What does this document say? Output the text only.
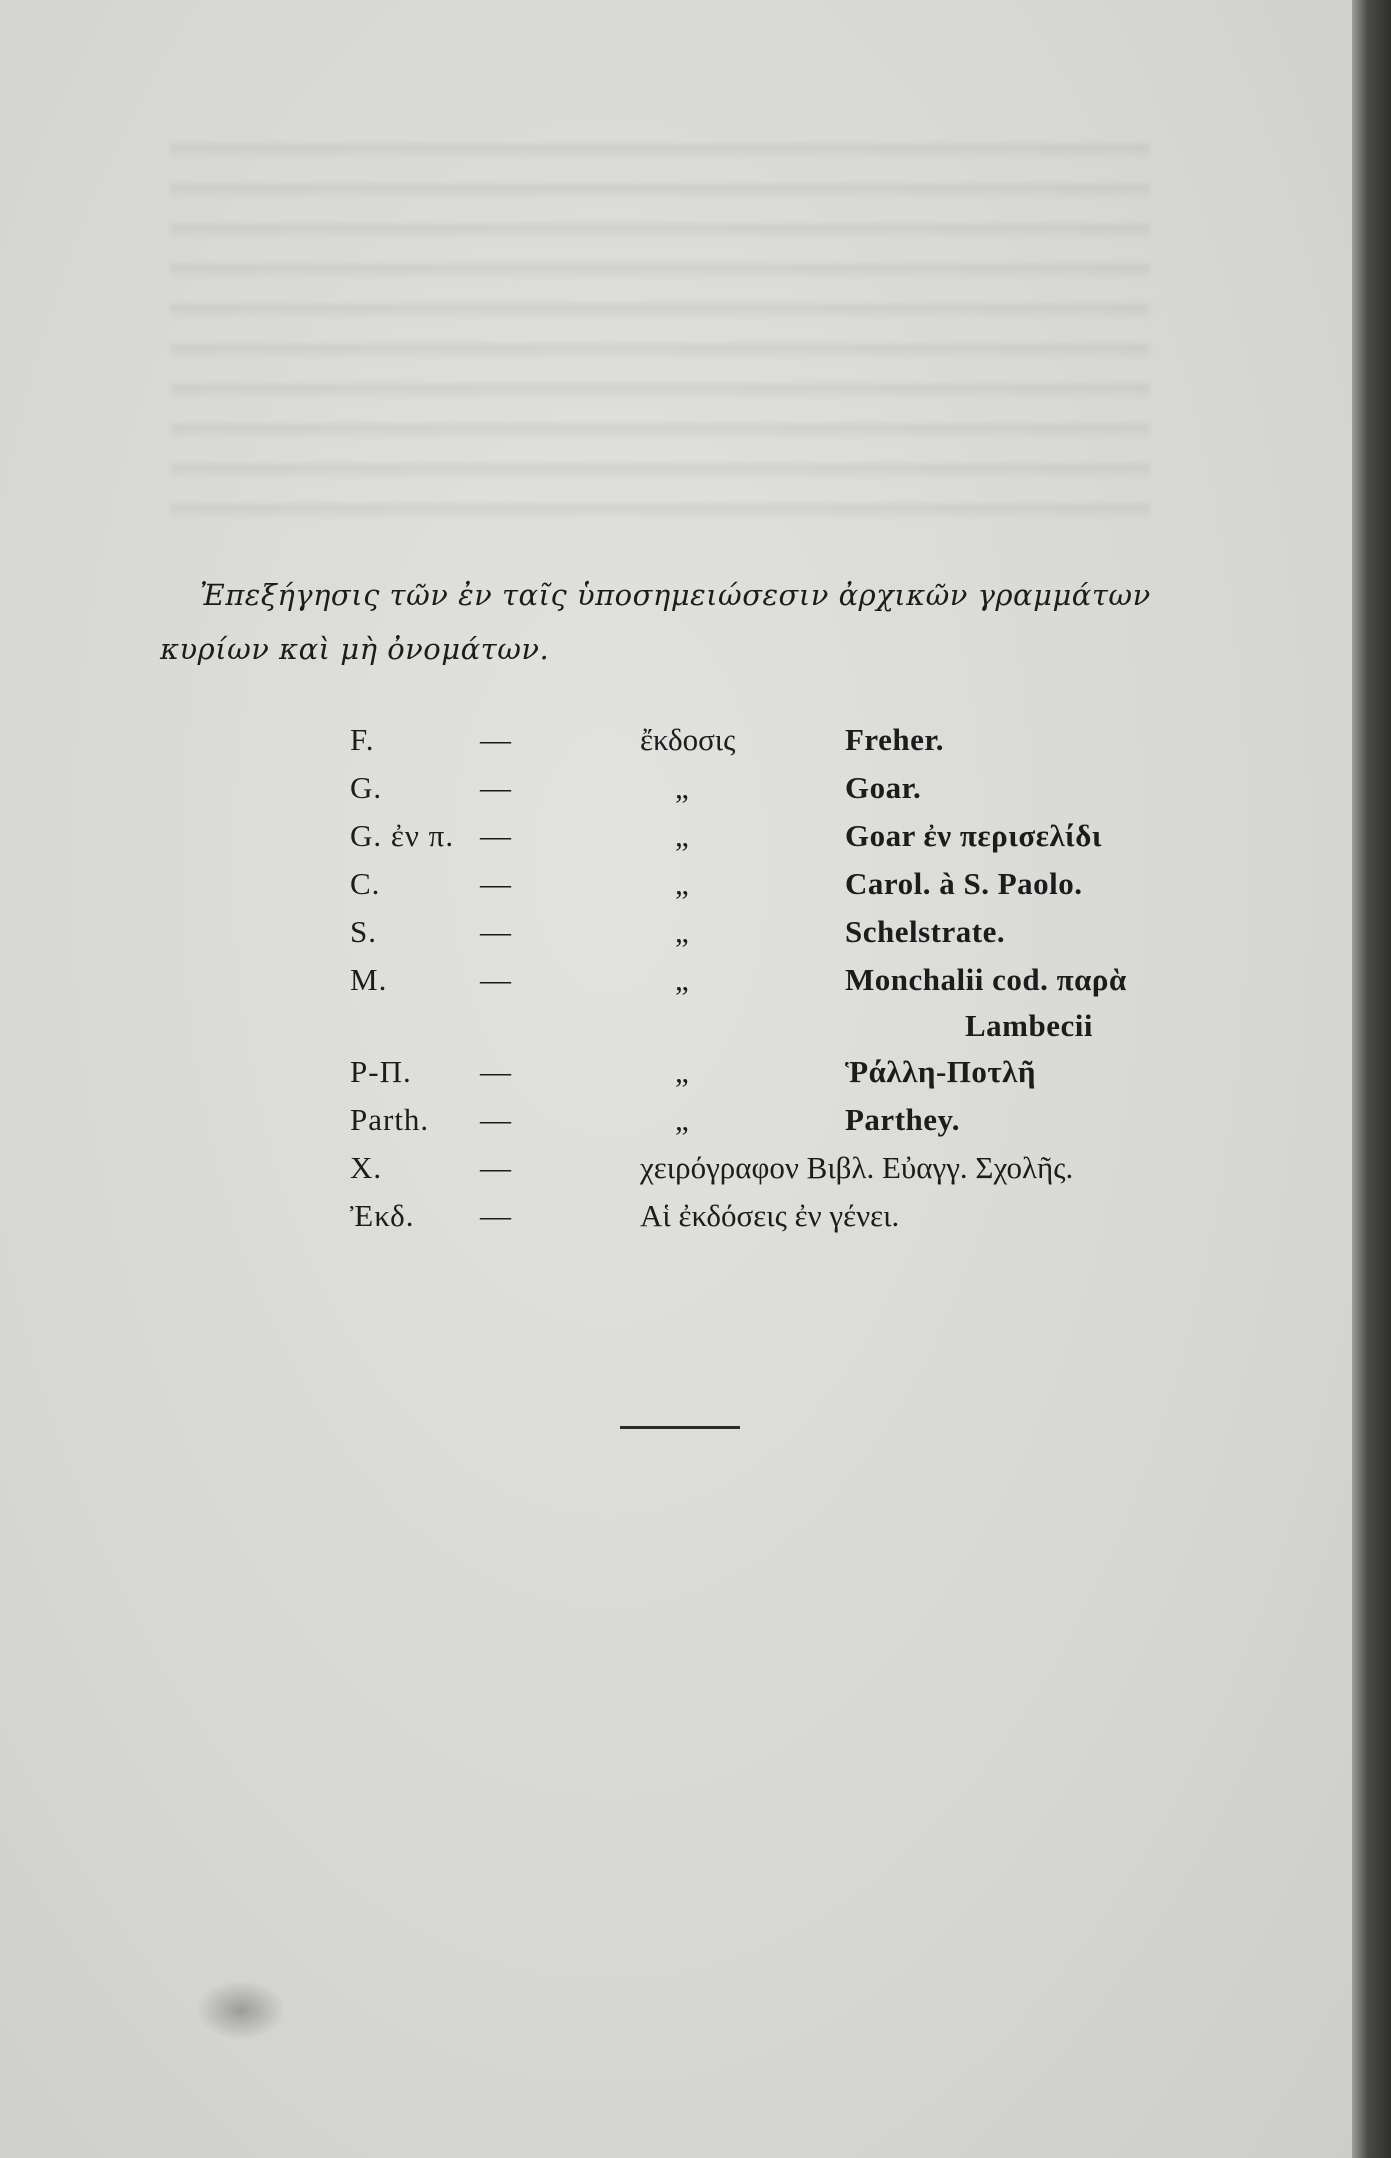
Ἐπεξήγησις τῶν ἐν ταῖς ὑποσημειώσεσιν ἀρχικῶν γραμμάτων
κυρίων καὶ μὴ ὀνομάτων.
F.	—	ἔκδοσις	Freher.
G.	—	„	Goar.
G. ἐν π.	—	„	Goar ἐν περισελίδι
C.	—	„	Carol. à S. Paolo.
S.	—	„	Schelstrate.
M.	—	„	Monchalii cod. παρὰ
			Lambecii
P-Π.	—	„	Ῥάλλη-Ποτλῆ
Parth.	—	„	Parthey.
X.	—	χειρόγραφον Βιβλ. Εὐαγγ. Σχολῆς.	
Ἐκδ.	—	Αἱ ἐκδόσεις ἐν γένει.	
